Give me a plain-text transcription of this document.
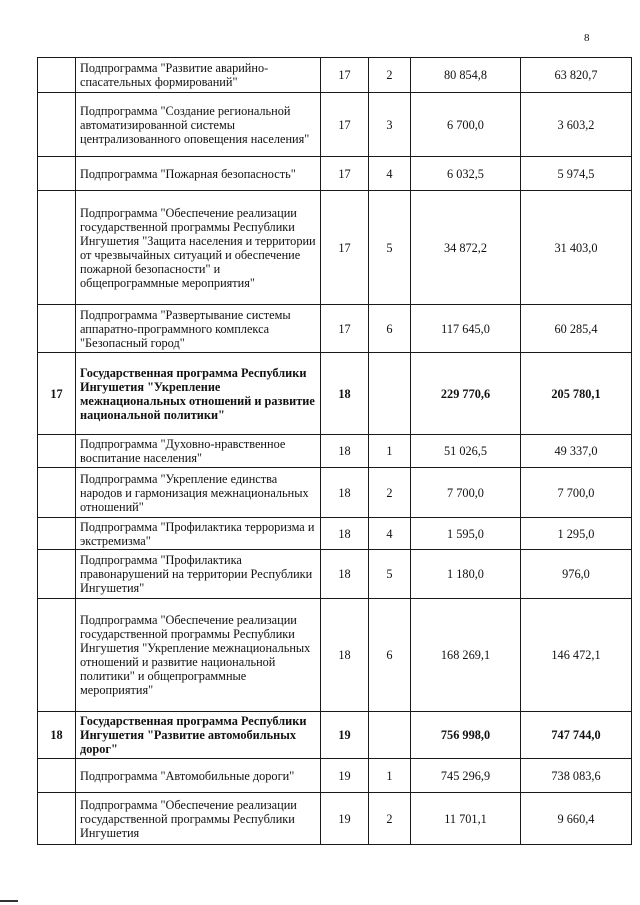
8
	Подпрограмма "Развитие аварийно-спасательных формирований"	17	2	80 854,8	63 820,7
	Подпрограмма "Создание региональной автоматизированной системы централизованного оповещения населения"	17	3	6 700,0	3 603,2
	Подпрограмма "Пожарная безопасность"	17	4	6 032,5	5 974,5
	Подпрограмма "Обеспечение реализации государственной программы Республики Ингушетия "Защита населения и территории от чрезвычайных ситуаций и обеспечение пожарной безопасности" и общепрограммные мероприятия"	17	5	34 872,2	31 403,0
	Подпрограмма "Развертывание системы аппаратно-программного комплекса "Безопасный город"	17	6	117 645,0	60 285,4
17	Государственная программа Республики Ингушетия "Укрепление межнациональных отношений и развитие национальной политики"	18		229 770,6	205 780,1
	Подпрограмма "Духовно-нравственное воспитание населения"	18	1	51 026,5	49 337,0
	Подпрограмма "Укрепление единства народов и гармонизация межнациональных отношений"	18	2	7 700,0	7 700,0
	Подпрограмма "Профилактика терроризма и экстремизма"	18	4	1 595,0	1 295,0
	Подпрограмма "Профилактика правонарушений на территории Республики Ингушетия"	18	5	1 180,0	976,0
	Подпрограмма "Обеспечение реализации государственной программы Республики Ингушетия "Укрепление межнациональных отношений и развитие национальной политики" и общепрограммные мероприятия"	18	6	168 269,1	146 472,1
18	Государственная программа Республики Ингушетия "Развитие автомобильных дорог"	19		756 998,0	747 744,0
	Подпрограмма "Автомобильные дороги"	19	1	745 296,9	738 083,6
	Подпрограмма "Обеспечение реализации государственной программы Республики Ингушетия	19	2	11 701,1	9 660,4
